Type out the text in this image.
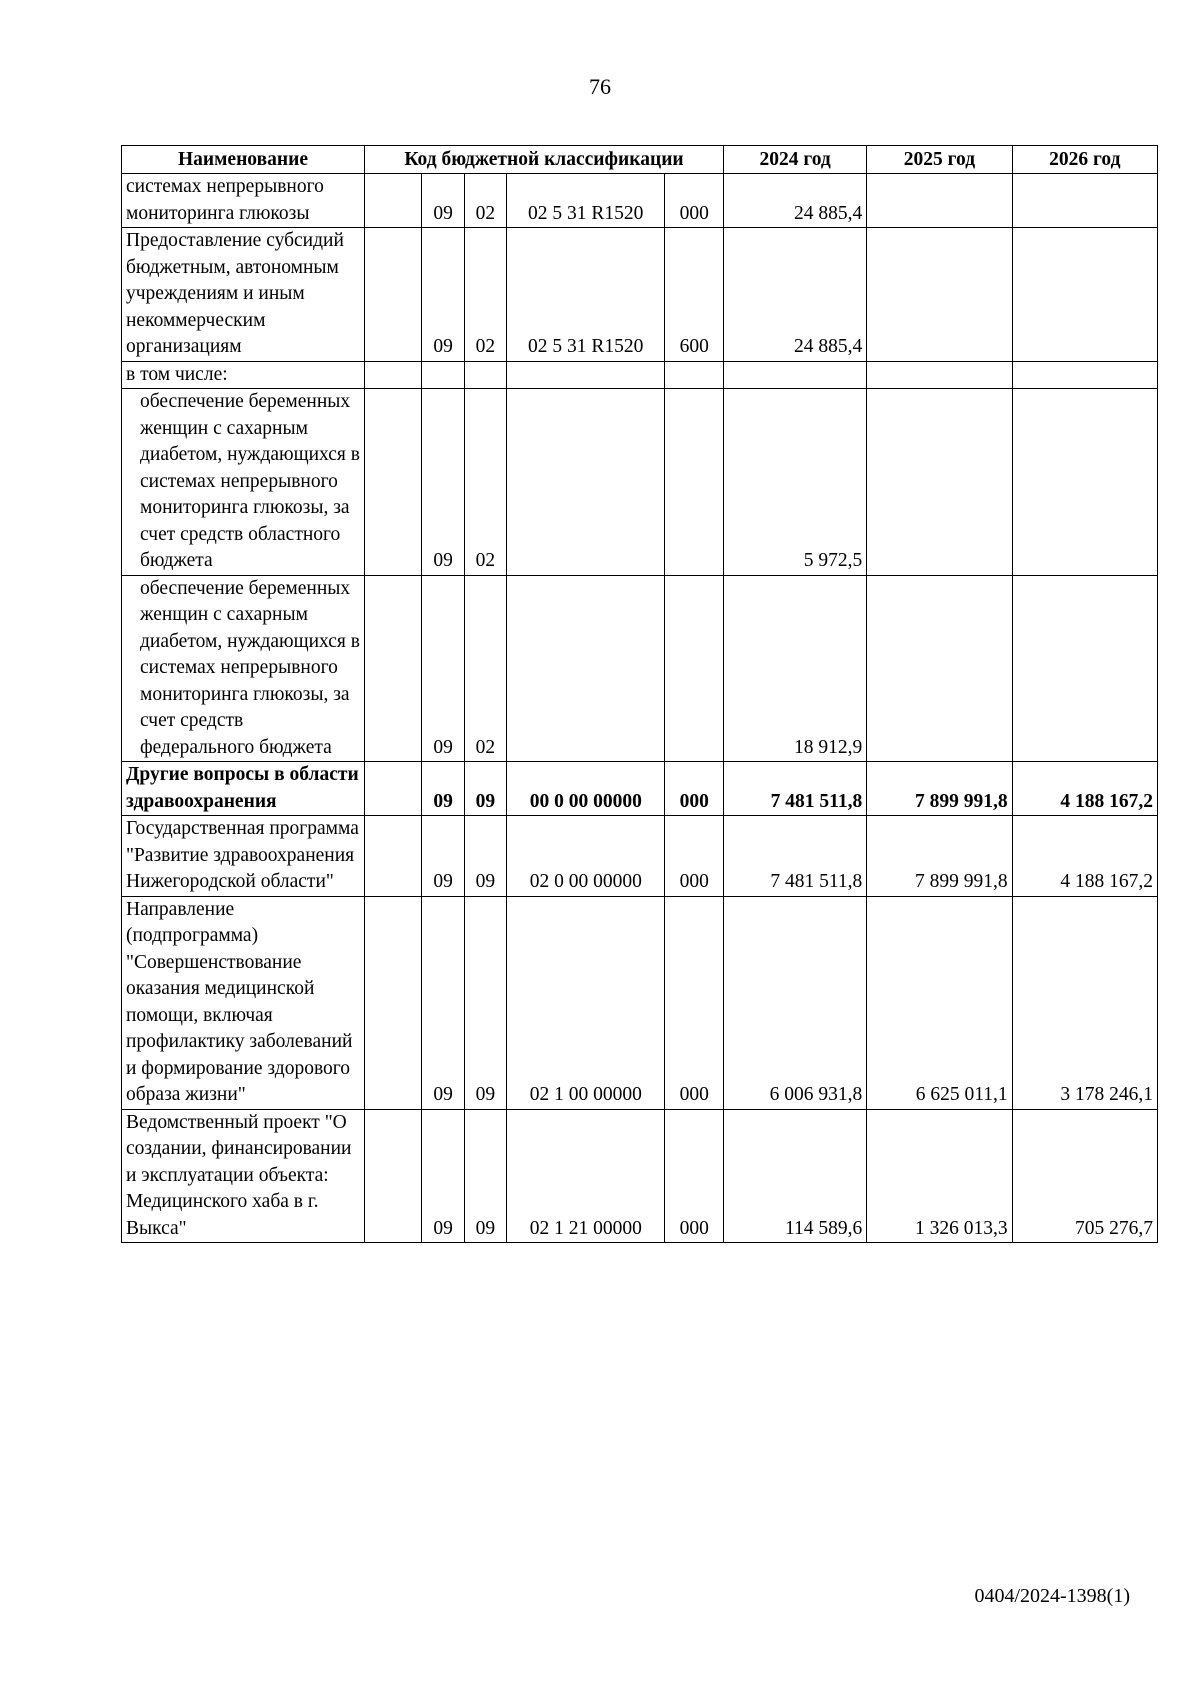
76
Наименование	Код бюджетной классификации					2024 год	2025 год	2026 год
системах непрерывного мониторинга глюкозы		09	02	02 5 31 R1520	000	24 885,4		
Предоставление субсидий бюджетным, автономным учреждениям и иным некоммерческим организациям		09	02	02 5 31 R1520	600	24 885,4		
в том числе:								
обеспечение беременных женщин с сахарным диабетом, нуждающихся в системах непрерывного мониторинга глюкозы, за счет средств областного бюджета		09	02			5 972,5		
обеспечение беременных женщин с сахарным диабетом, нуждающихся в системах непрерывного мониторинга глюкозы, за счет средств федерального бюджета		09	02			18 912,9		
Другие вопросы в области здравоохранения		09	09	00 0 00 00000	000	7 481 511,8	7 899 991,8	4 188 167,2
Государственная программа "Развитие здравоохранения Нижегородской области"		09	09	02 0 00 00000	000	7 481 511,8	7 899 991,8	4 188 167,2
Направление (подпрограмма) "Совершенствование оказания медицинской помощи, включая профилактику заболеваний и формирование здорового образа жизни"		09	09	02 1 00 00000	000	6 006 931,8	6 625 011,1	3 178 246,1
Ведомственный проект "О создании, финансировании и эксплуатации объекта: Медицинского хаба в г. Выкса"		09	09	02 1 21 00000	000	114 589,6	1 326 013,3	705 276,7
0404/2024-1398(1)
